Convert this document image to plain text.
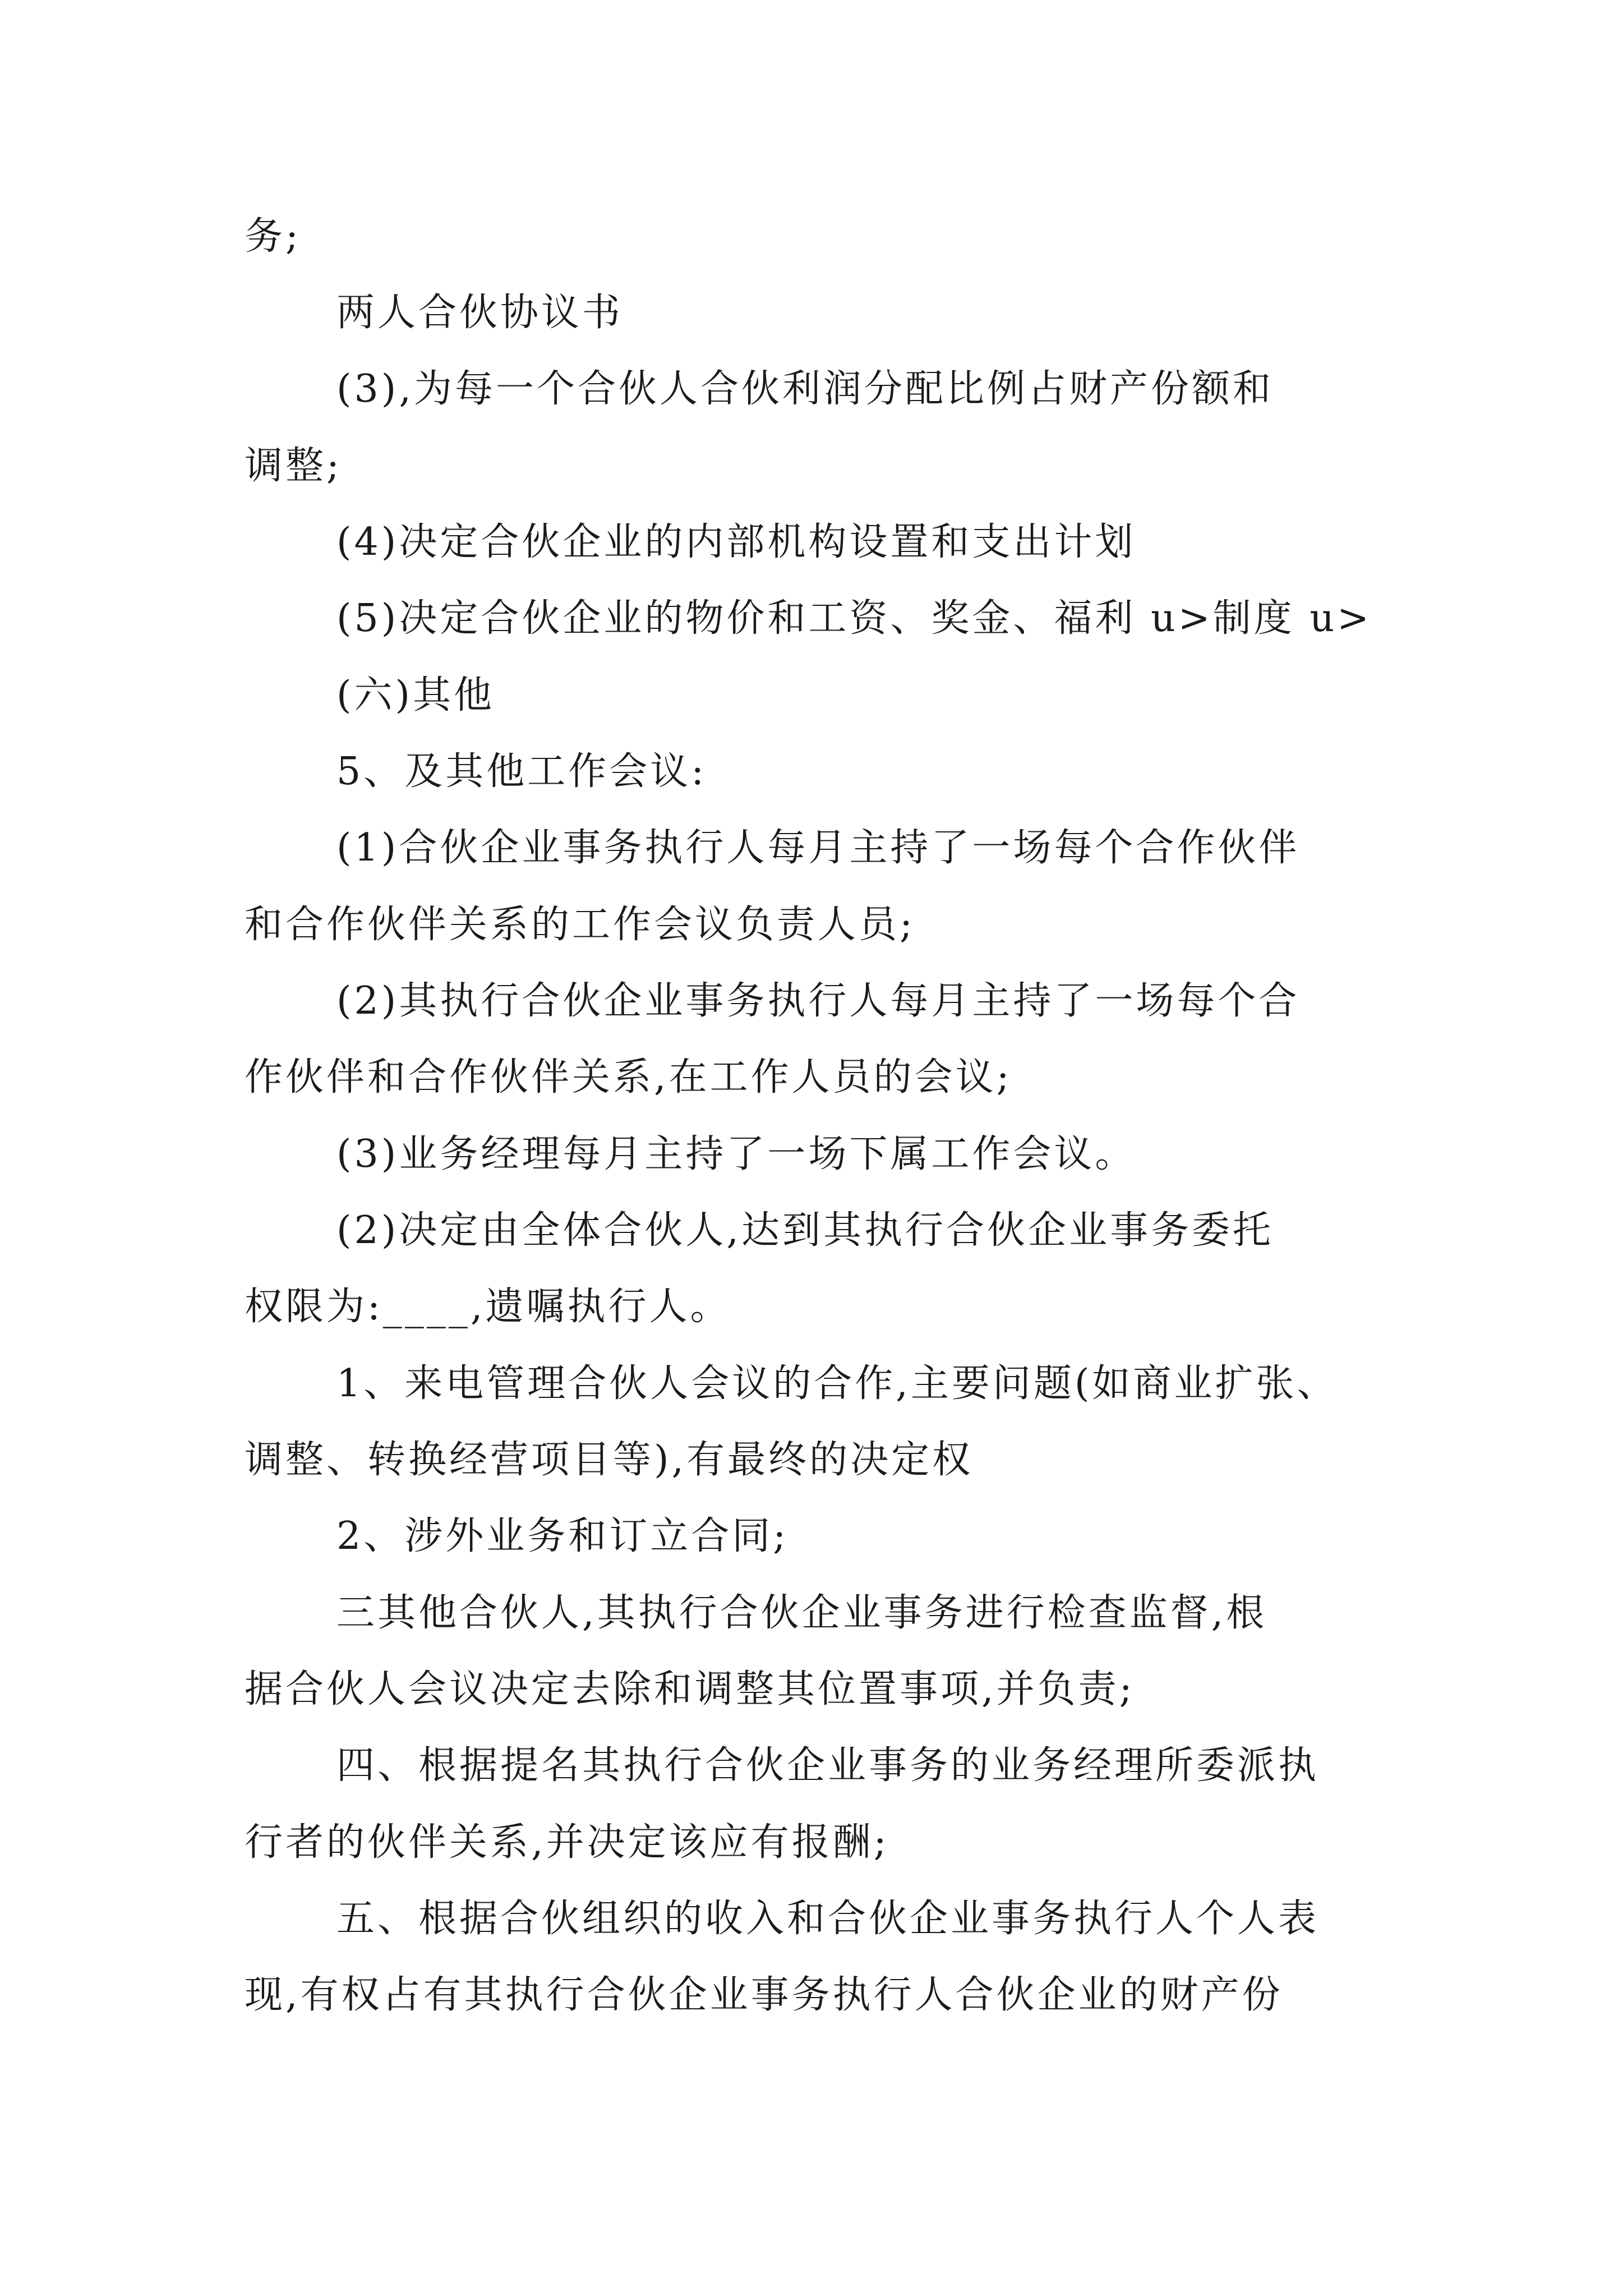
务;
两人合伙协议书
(3),为每一个合伙人合伙利润分配比例占财产份额和
调整;
(4)决定合伙企业的内部机构设置和支出计划
(5)决定合伙企业的物价和工资、奖金、福利 u>制度 u>
(六)其他
5、及其他工作会议:
(1)合伙企业事务执行人每月主持了一场每个合作伙伴
和合作伙伴关系的工作会议负责人员;
(2)其执行合伙企业事务执行人每月主持了一场每个合
作伙伴和合作伙伴关系,在工作人员的会议;
(3)业务经理每月主持了一场下属工作会议。
(2)决定由全体合伙人,达到其执行合伙企业事务委托
权限为:____,遗嘱执行人。
1、来电管理合伙人会议的合作,主要问题(如商业扩张、
调整、转换经营项目等),有最终的决定权
2、涉外业务和订立合同;
三其他合伙人,其执行合伙企业事务进行检查监督,根
据合伙人会议决定去除和调整其位置事项,并负责;
四、根据提名其执行合伙企业事务的业务经理所委派执
行者的伙伴关系,并决定该应有报酬;
五、根据合伙组织的收入和合伙企业事务执行人个人表
现,有权占有其执行合伙企业事务执行人合伙企业的财产份
